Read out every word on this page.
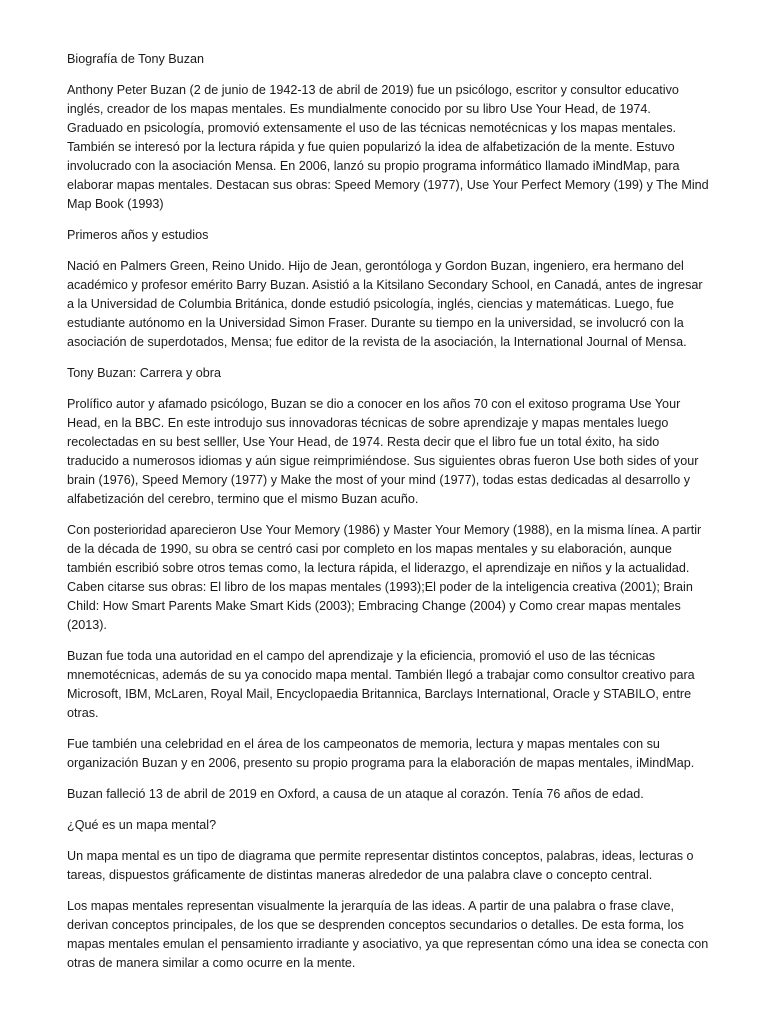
Biografía de Tony Buzan

Anthony Peter Buzan (2 de junio de 1942-13 de abril de 2019) fue un psicólogo, escritor y consultor educativo inglés, creador de los mapas mentales. Es mundialmente conocido por su libro Use Your Head, de 1974. Graduado en psicología, promovió extensamente el uso de las técnicas nemotécnicas y los mapas mentales. También se interesó por la lectura rápida y fue quien popularizó la idea de alfabetización de la mente. Estuvo involucrado con la asociación Mensa. En 2006, lanzó su propio programa informático llamado iMindMap, para elaborar mapas mentales. Destacan sus obras: Speed Memory (1977), Use Your Perfect Memory (199) y The Mind Map Book (1993)

Primeros años y estudios

Nació en Palmers Green, Reino Unido. Hijo de Jean, gerontóloga y Gordon Buzan, ingeniero, era hermano del académico y profesor emérito Barry Buzan. Asistió a la Kitsilano Secondary School, en Canadá, antes de ingresar a la Universidad de Columbia Británica, donde estudió psicología, inglés, ciencias y matemáticas. Luego, fue estudiante autónomo en la Universidad Simon Fraser. Durante su tiempo en la universidad, se involucró con la asociación de superdotados, Mensa; fue editor de la revista de la asociación, la International Journal of Mensa.

Tony Buzan: Carrera y obra

Prolífico autor y afamado psicólogo, Buzan se dio a conocer en los años 70 con el exitoso programa Use Your Head, en la BBC. En este introdujo sus innovadoras técnicas de sobre aprendizaje y mapas mentales luego recolectadas en su best selller, Use Your Head, de 1974. Resta decir que el libro fue un total éxito, ha sido traducido a numerosos idiomas y aún sigue reimprimiéndose. Sus siguientes obras fueron Use both sides of your brain (1976), Speed Memory (1977) y Make the most of your mind (1977), todas estas dedicadas al desarrollo y alfabetización del cerebro, termino que el mismo Buzan acuño.

Con posterioridad aparecieron Use Your Memory (1986) y Master Your Memory (1988), en la misma línea. A partir de la década de 1990, su obra se centró casi por completo en los mapas mentales y su elaboración, aunque también escribió sobre otros temas como, la lectura rápida, el liderazgo, el aprendizaje en niños y la actualidad. Caben citarse sus obras: El libro de los mapas mentales (1993);El poder de la inteligencia creativa (2001); Brain Child: How Smart Parents Make Smart Kids (2003); Embracing Change (2004) y Como crear mapas mentales (2013).

Buzan fue toda una autoridad en el campo del aprendizaje y la eficiencia, promovió el uso de las técnicas mnemotécnicas, además de su ya conocido mapa mental. También llegó a trabajar como consultor creativo para Microsoft, IBM, McLaren, Royal Mail, Encyclopaedia Britannica, Barclays International, Oracle y STABILO, entre otras.

Fue también una celebridad en el área de los campeonatos de memoria, lectura y mapas mentales con su organización Buzan y en 2006, presento su propio programa para la elaboración de mapas mentales, iMindMap.

Buzan falleció 13 de abril de 2019 en Oxford, a causa de un ataque al corazón. Tenía 76 años de edad.

¿Qué es un mapa mental?

Un mapa mental es un tipo de diagrama que permite representar distintos conceptos, palabras, ideas, lecturas o tareas, dispuestos gráficamente de distintas maneras alrededor de una palabra clave o concepto central.

Los mapas mentales representan visualmente la jerarquía de las ideas. A partir de una palabra o frase clave, derivan conceptos principales, de los que se desprenden conceptos secundarios o detalles. De esta forma, los mapas mentales emulan el pensamiento irradiante y asociativo, ya que representan cómo una idea se conecta con otras de manera similar a como ocurre en la mente.
